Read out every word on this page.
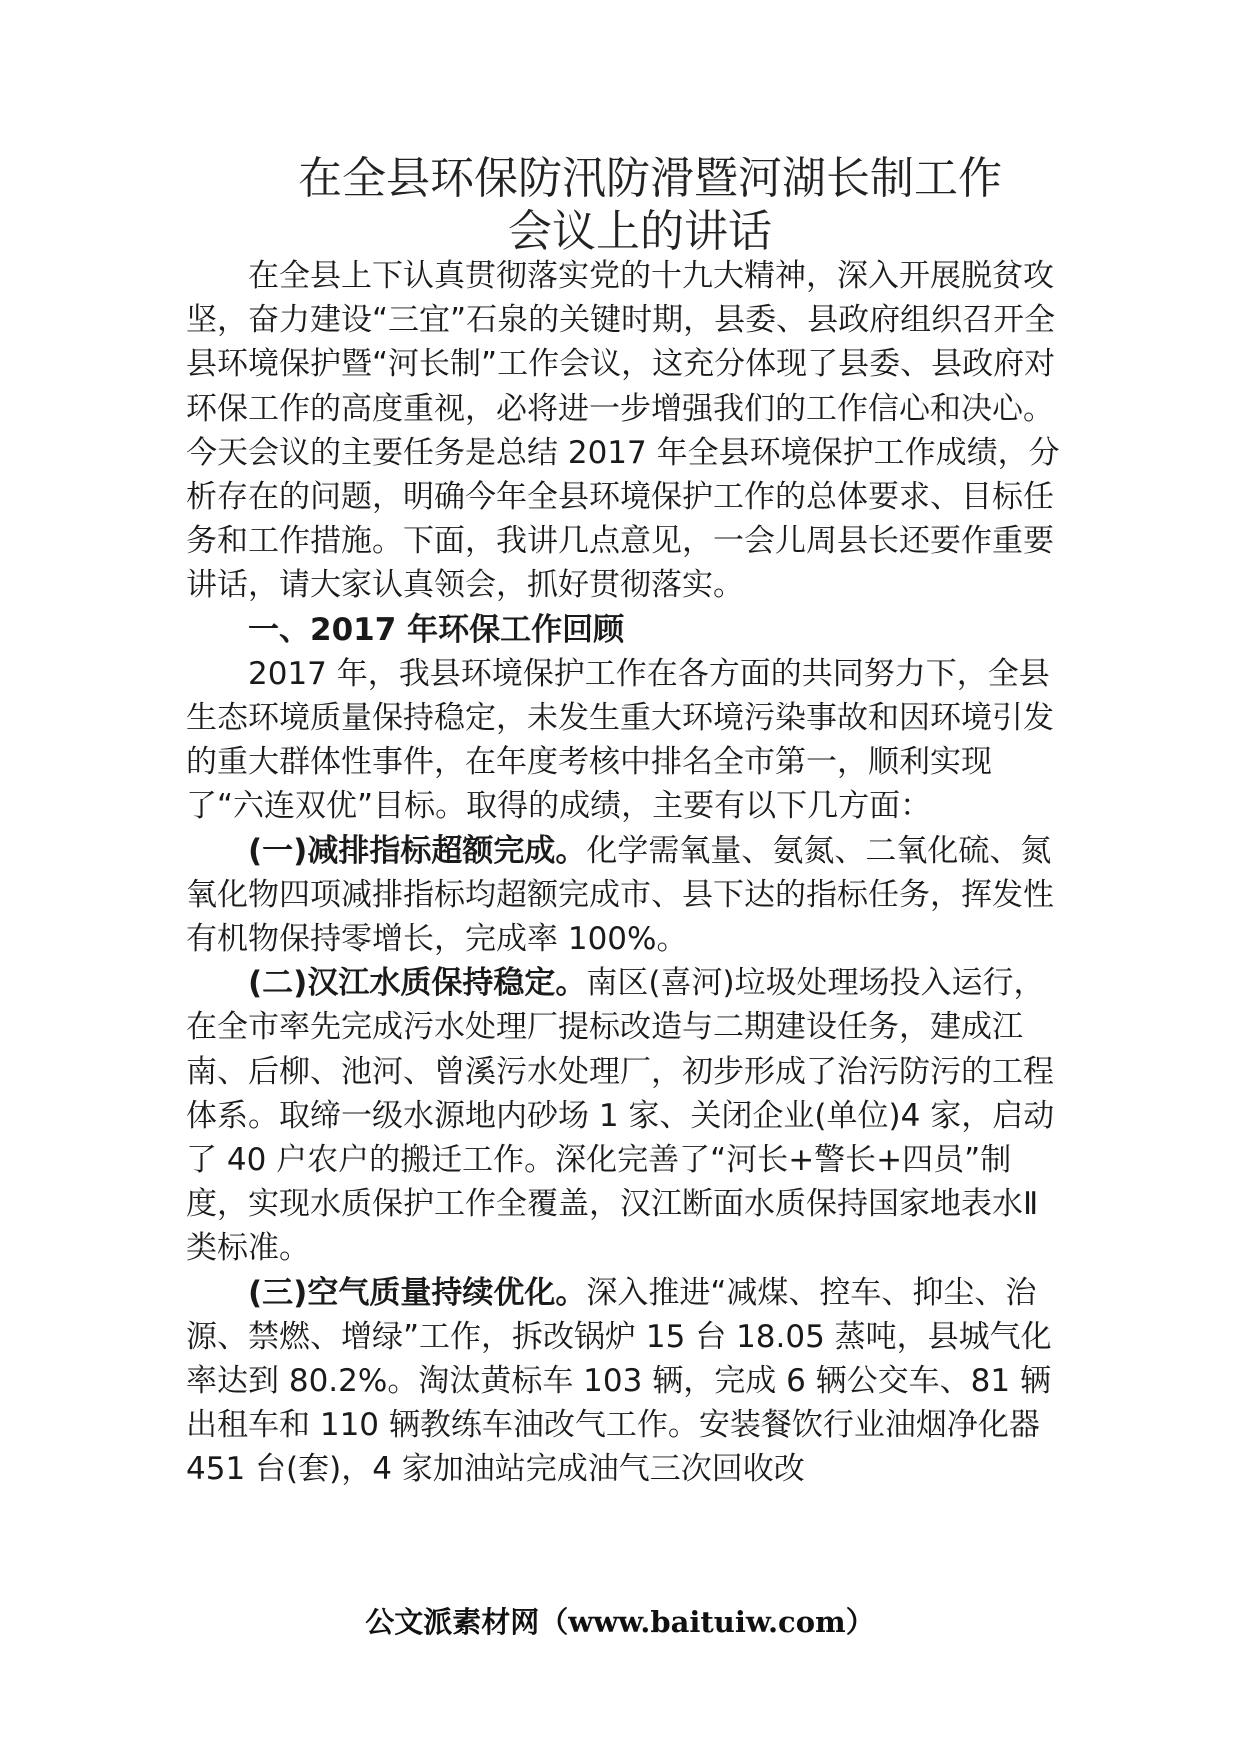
在全县环保防汛防滑暨河湖长制工作
会议上的讲话

在全县上下认真贯彻落实党的十九大精神，深入开展脱贫攻坚，奋力建设“三宜”石泉的关键时期，县委、县政府组织召开全县环境保护暨“河长制”工作会议，这充分体现了县委、县政府对环保工作的高度重视，必将进一步增强我们的工作信心和决心。今天会议的主要任务是总结 2017 年全县环境保护工作成绩，分析存在的问题，明确今年全县环境保护工作的总体要求、目标任务和工作措施。下面，我讲几点意见，一会儿周县长还要作重要讲话，请大家认真领会，抓好贯彻落实。

一、2017 年环保工作回顾

2017 年，我县环境保护工作在各方面的共同努力下，全县生态环境质量保持稳定，未发生重大环境污染事故和因环境引发的重大群体性事件，在年度考核中排名全市第一，顺利实现了“六连双优”目标。取得的成绩，主要有以下几方面：

(一)减排指标超额完成。化学需氧量、氨氮、二氧化硫、氮氧化物四项减排指标均超额完成市、县下达的指标任务，挥发性有机物保持零增长，完成率 100%。

(二)汉江水质保持稳定。南区(喜河)垃圾处理场投入运行，在全市率先完成污水处理厂提标改造与二期建设任务，建成江南、后柳、池河、曾溪污水处理厂，初步形成了治污防污的工程体系。取缔一级水源地内砂场 1 家、关闭企业(单位)4 家，启动了 40 户农户的搬迁工作。深化完善了“河长+警长+四员”制度，实现水质保护工作全覆盖，汉江断面水质保持国家地表水Ⅱ类标准。

(三)空气质量持续优化。深入推进“减煤、控车、抑尘、治源、禁燃、增绿”工作，拆改锅炉 15 台 18.05 蒸吨，县城气化率达到 80.2%。淘汰黄标车 103 辆，完成 6 辆公交车、81 辆出租车和 110 辆教练车油改气工作。安装餐饮行业油烟净化器 451 台(套)，4 家加油站完成油气三次回收改

公文派素材网（www.baituiw.com）
